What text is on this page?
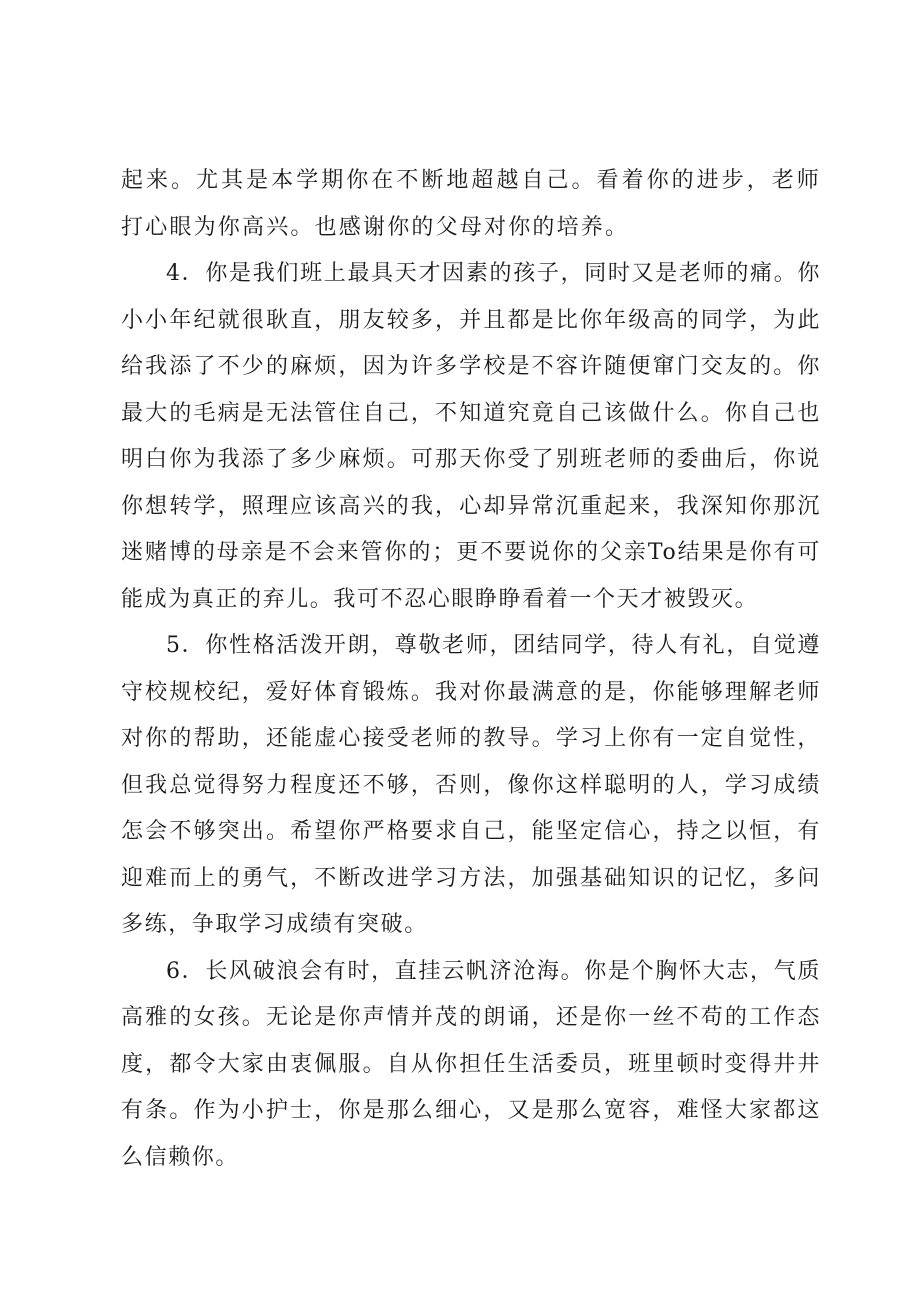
起来。尤其是本学期你在不断地超越自己。看着你的进步，老师打心眼为你高兴。也感谢你的父母对你的培养。

4．你是我们班上最具天才因素的孩子，同时又是老师的痛。你小小年纪就很耿直，朋友较多，并且都是比你年级高的同学，为此给我添了不少的麻烦，因为许多学校是不容许随便窜门交友的。你最大的毛病是无法管住自己，不知道究竟自己该做什么。你自己也明白你为我添了多少麻烦。可那天你受了别班老师的委曲后，你说你想转学，照理应该高兴的我，心却异常沉重起来，我深知你那沉迷赌博的母亲是不会来管你的；更不要说你的父亲To结果是你有可能成为真正的弃儿。我可不忍心眼睁睁看着一个天才被毁灭。

5．你性格活泼开朗，尊敬老师，团结同学，待人有礼，自觉遵守校规校纪，爱好体育锻炼。我对你最满意的是，你能够理解老师对你的帮助，还能虚心接受老师的教导。学习上你有一定自觉性，但我总觉得努力程度还不够，否则，像你这样聪明的人，学习成绩怎会不够突出。希望你严格要求自己，能坚定信心，持之以恒，有迎难而上的勇气，不断改进学习方法，加强基础知识的记忆，多问多练，争取学习成绩有突破。

6．长风破浪会有时，直挂云帆济沧海。你是个胸怀大志，气质高雅的女孩。无论是你声情并茂的朗诵，还是你一丝不苟的工作态度，都令大家由衷佩服。自从你担任生活委员，班里顿时变得井井有条。作为小护士，你是那么细心，又是那么宽容，难怪大家都这么信赖你。
